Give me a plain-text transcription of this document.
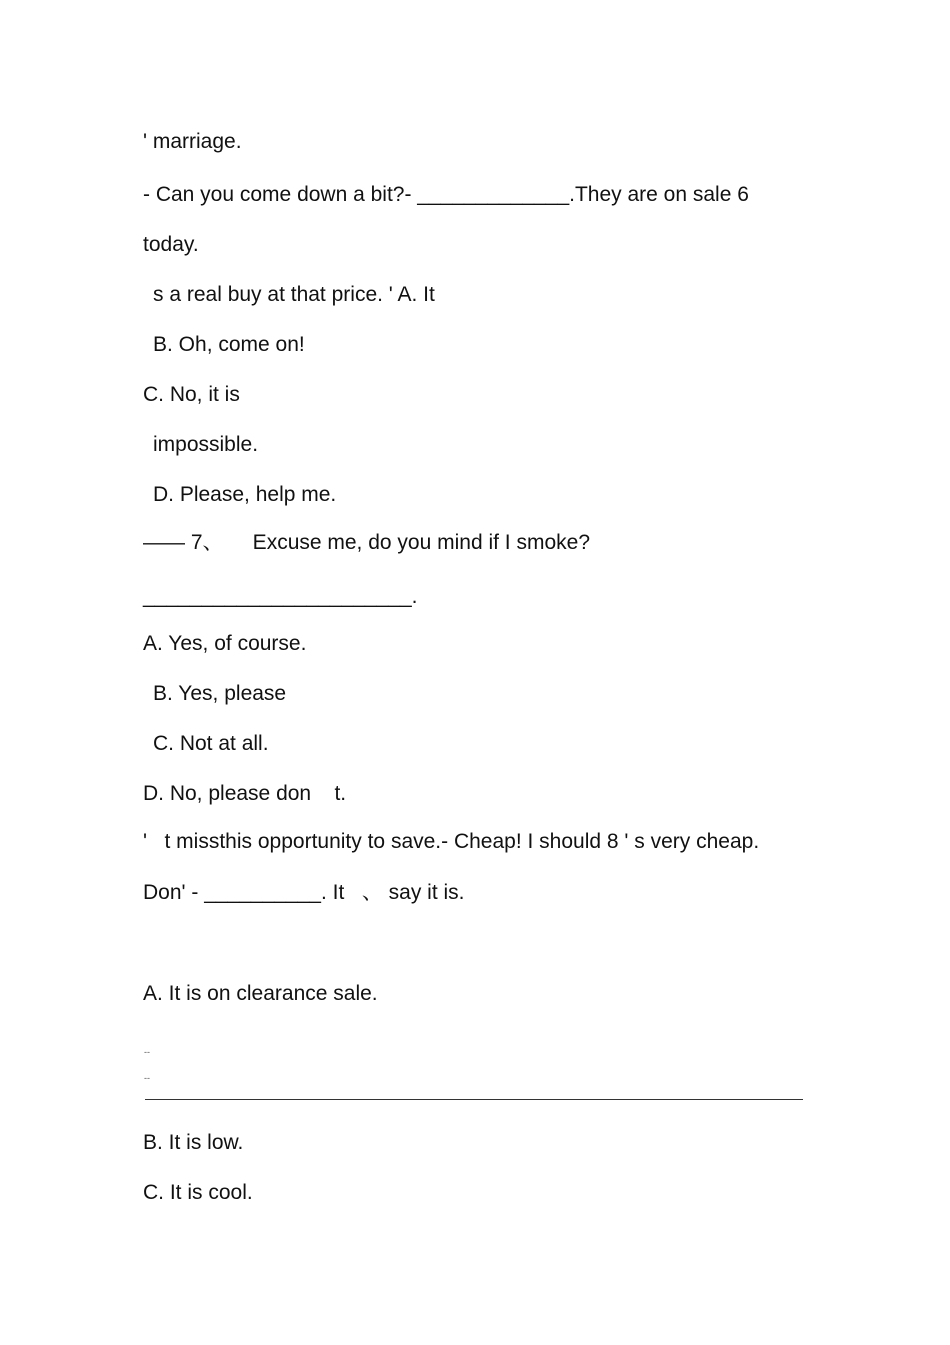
' marriage.
- Can you come down a bit?- _____________.They are on sale 6
today.
s a real buy at that price. ' A. It
B. Oh, come on!
C. No, it is
impossible.
D. Please, help me.
—— 7、     Excuse me, do you mind if I smoke?
_______________________.
A. Yes, of course.
B. Yes, please
C. Not at all.
D. No, please don    t.
'   t missthis opportunity to save.- Cheap! I should 8 ' s very cheap.
Don' - __________. It   、 say it is.
A. It is on clearance sale.
--
--
B. It is low.
C. It is cool.
